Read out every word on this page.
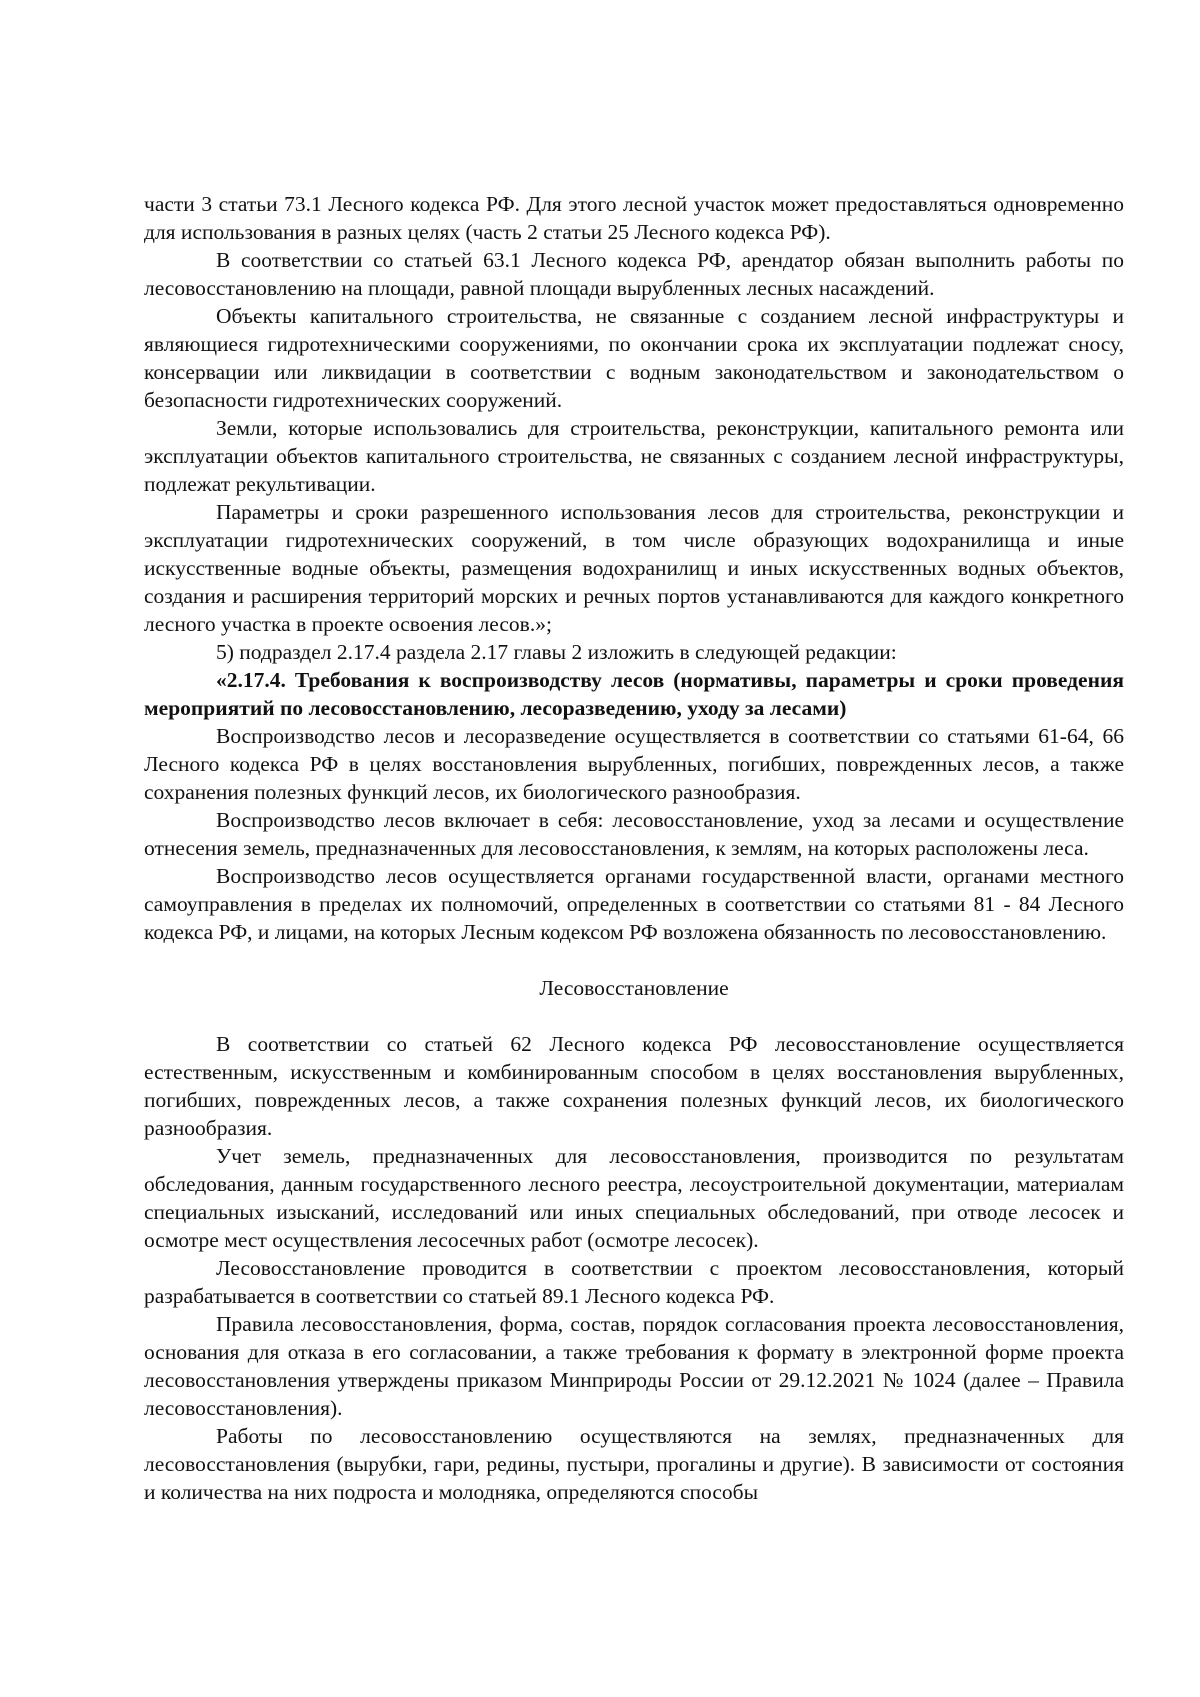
части 3 статьи 73.1 Лесного кодекса РФ. Для этого лесной участок может предоставляться одновременно для использования в разных целях (часть 2 статьи 25 Лесного кодекса РФ).

В соответствии со статьей 63.1 Лесного кодекса РФ, арендатор обязан выполнить работы по лесовосстановлению на площади, равной площади вырубленных лесных насаждений.

Объекты капитального строительства, не связанные с созданием лесной инфраструктуры и являющиеся гидротехническими сооружениями, по окончании срока их эксплуатации подлежат сносу, консервации или ликвидации в соответствии с водным законодательством и законодательством о безопасности гидротехнических сооружений.

Земли, которые использовались для строительства, реконструкции, капитального ремонта или эксплуатации объектов капитального строительства, не связанных с созданием лесной инфраструктуры, подлежат рекультивации.

Параметры и сроки разрешенного использования лесов для строительства, реконструкции и эксплуатации гидротехнических сооружений, в том числе образующих водохранилища и иные искусственные водные объекты, размещения водохранилищ и иных искусственных водных объектов, создания и расширения территорий морских и речных портов устанавливаются для каждого конкретного лесного участка в проекте освоения лесов.»;

5) подраздел 2.17.4 раздела 2.17 главы 2 изложить в следующей редакции:

«2.17.4. Требования к воспроизводству лесов (нормативы, параметры и сроки проведения мероприятий по лесовосстановлению, лесоразведению, уходу за лесами)

Воспроизводство лесов и лесоразведение осуществляется в соответствии со статьями 61-64, 66 Лесного кодекса РФ в целях восстановления вырубленных, погибших, поврежденных лесов, а также сохранения полезных функций лесов, их биологического разнообразия.

Воспроизводство лесов включает в себя: лесовосстановление, уход за лесами и осуществление отнесения земель, предназначенных для лесовосстановления, к землям, на которых расположены леса.

Воспроизводство лесов осуществляется органами государственной власти, органами местного самоуправления в пределах их полномочий, определенных в соответствии со статьями 81 - 84 Лесного кодекса РФ, и лицами, на которых Лесным кодексом РФ возложена обязанность по лесовосстановлению.

Лесовосстановление

В соответствии со статьей 62 Лесного кодекса РФ лесовосстановление осуществляется естественным, искусственным и комбинированным способом в целях восстановления вырубленных, погибших, поврежденных лесов, а также сохранения полезных функций лесов, их биологического разнообразия.

Учет земель, предназначенных для лесовосстановления, производится по результатам обследования, данным государственного лесного реестра, лесоустроительной документации, материалам специальных изысканий, исследований или иных специальных обследований, при отводе лесосек и осмотре мест осуществления лесосечных работ (осмотре лесосек).

Лесовосстановление проводится в соответствии с проектом лесовосстановления, который разрабатывается в соответствии со статьей 89.1 Лесного кодекса РФ.

Правила лесовосстановления, форма, состав, порядок согласования проекта лесовосстановления, основания для отказа в его согласовании, а также требования к формату в электронной форме проекта лесовосстановления утверждены приказом Минприроды России от 29.12.2021 № 1024 (далее – Правила лесовосстановления).

Работы по лесовосстановлению осуществляются на землях, предназначенных для лесовосстановления (вырубки, гари, редины, пустыри, прогалины и другие). В зависимости от состояния и количества на них подроста и молодняка, определяются способы
